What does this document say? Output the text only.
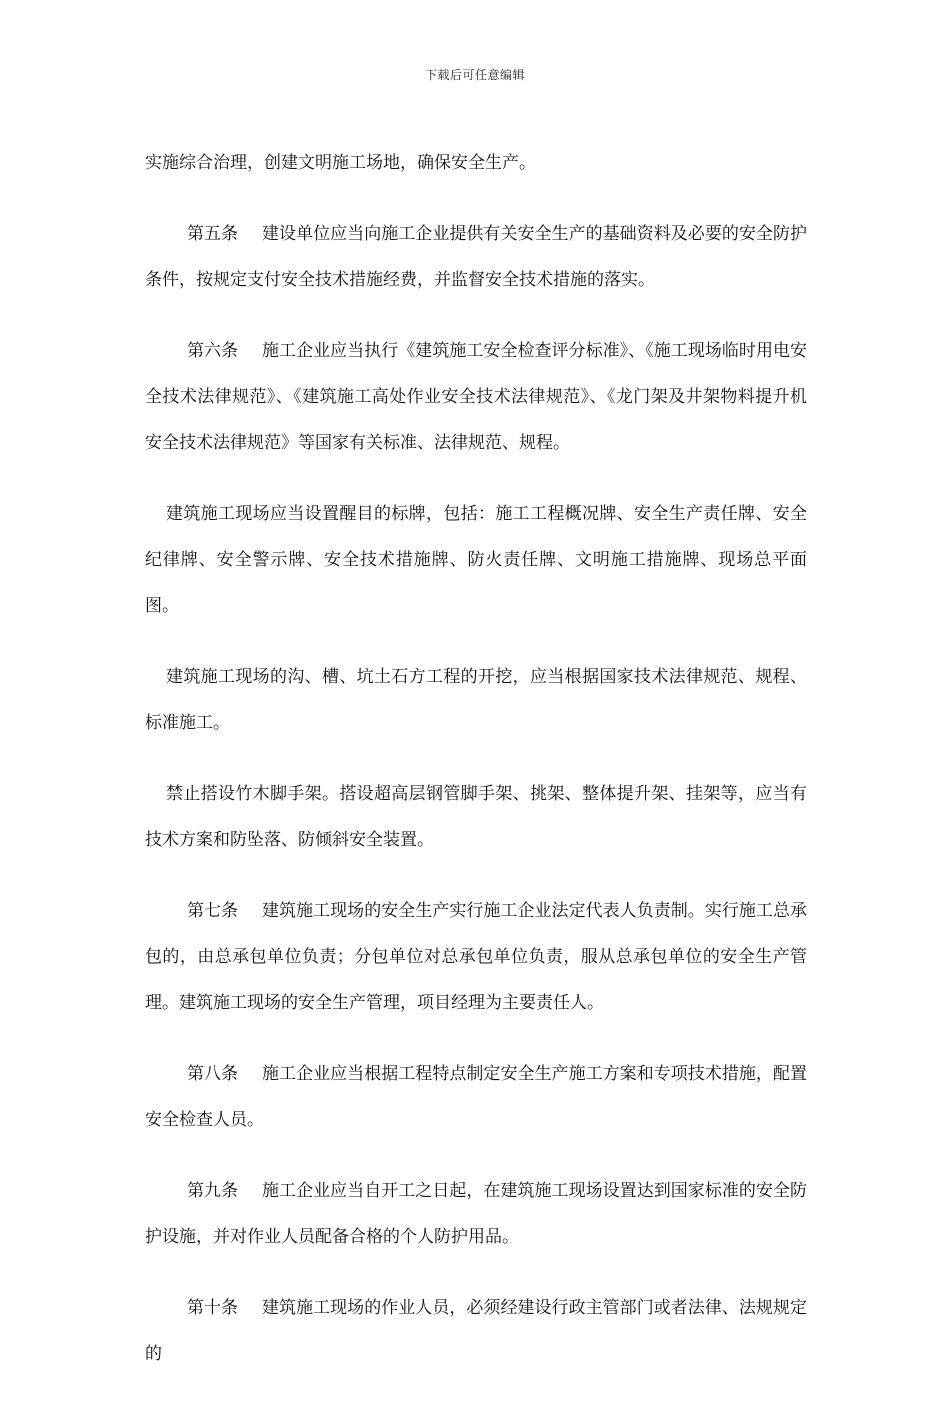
下载后可任意编辑

实施综合治理，创建文明施工场地，确保安全生产。

第五条 建设单位应当向施工企业提供有关安全生产的基础资料及必要的安全防护条件，按规定支付安全技术措施经费，并监督安全技术措施的落实。

第六条 施工企业应当执行《建筑施工安全检查评分标准》、《施工现场临时用电安全技术法律规范》、《建筑施工高处作业安全技术法律规范》、《龙门架及井架物料提升机安全技术法律规范》等国家有关标准、法律规范、规程。

建筑施工现场应当设置醒目的标牌，包括：施工工程概况牌、安全生产责任牌、安全纪律牌、安全警示牌、安全技术措施牌、防火责任牌、文明施工措施牌、现场总平面图。

建筑施工现场的沟、槽、坑土石方工程的开挖，应当根据国家技术法律规范、规程、标准施工。

禁止搭设竹木脚手架。搭设超高层钢管脚手架、挑架、整体提升架、挂架等，应当有技术方案和防坠落、防倾斜安全装置。

第七条 建筑施工现场的安全生产实行施工企业法定代表人负责制。实行施工总承包的，由总承包单位负责；分包单位对总承包单位负责，服从总承包单位的安全生产管理。建筑施工现场的安全生产管理，项目经理为主要责任人。

第八条 施工企业应当根据工程特点制定安全生产施工方案和专项技术措施，配置安全检查人员。

第九条 施工企业应当自开工之日起，在建筑施工现场设置达到国家标准的安全防护设施，并对作业人员配备合格的个人防护用品。

第十条 建筑施工现场的作业人员，必须经建设行政主管部门或者法律、法规规定的
